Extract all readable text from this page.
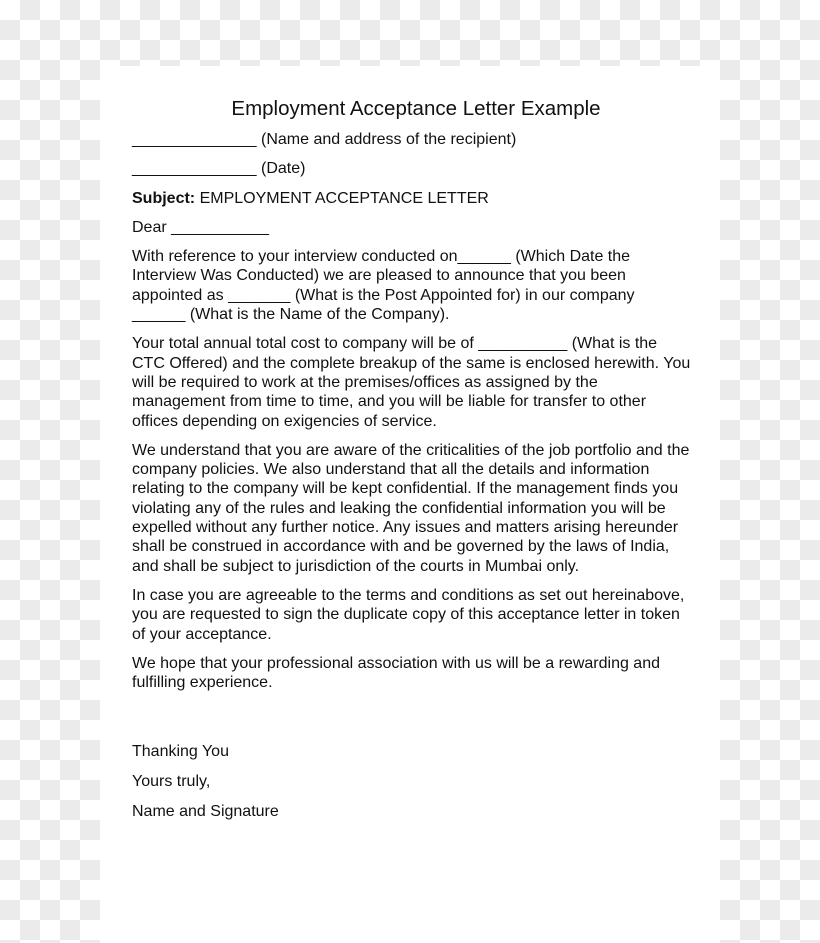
Employment Acceptance Letter Example
______________ (Name and address of the recipient)
______________ (Date)
Subject: EMPLOYMENT ACCEPTANCE LETTER
Dear ___________

With reference to your interview conducted on______ (Which Date the Interview Was Conducted) we are pleased to announce that you been appointed as _______ (What is the Post Appointed for) in our company ______ (What is the Name of the Company).

Your total annual total cost to company will be of __________ (What is the CTC Offered) and the complete breakup of the same is enclosed herewith. You will be required to work at the premises/offices as assigned by the management from time to time, and you will be liable for transfer to other offices depending on exigencies of service.

We understand that you are aware of the criticalities of the job portfolio and the company policies. We also understand that all the details and information relating to the company will be kept confidential. If the management finds you violating any of the rules and leaking the confidential information you will be expelled without any further notice. Any issues and matters arising hereunder shall be construed in accordance with and be governed by the laws of India, and shall be subject to jurisdiction of the courts in Mumbai only.

In case you are agreeable to the terms and conditions as set out hereinabove, you are requested to sign the duplicate copy of this acceptance letter in token of your acceptance.

We hope that your professional association with us will be a rewarding and fulfilling experience.

Thanking You
Yours truly,
Name and Signature
